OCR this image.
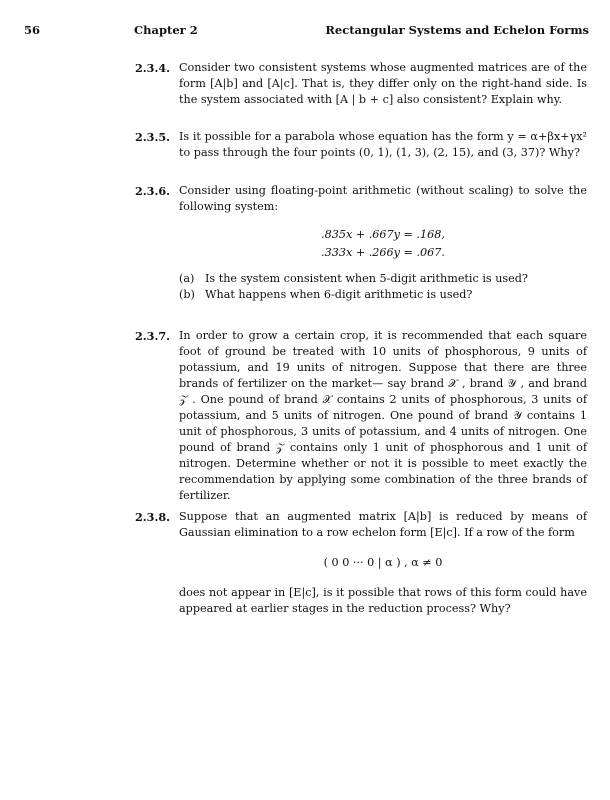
56	Chapter 2	Rectangular Systems and Echelon Forms
2.3.4. Consider two consistent systems whose augmented matrices are of the form [A|b] and [A|c]. That is, they differ only on the right-hand side. Is the system associated with [A | b + c] also consistent? Explain why.

2.3.5. Is it possible for a parabola whose equation has the form y = α+βx+γx² to pass through the four points (0, 1), (1, 3), (2, 15), and (3, 37)? Why?

2.3.6. Consider using floating-point arithmetic (without scaling) to solve the following system:

.835x + .667y = .168,
.333x + .266y = .067.
(a) Is the system consistent when 5-digit arithmetic is used?
(b) What happens when 6-digit arithmetic is used?
2.3.7. In order to grow a certain crop, it is recommended that each square foot of ground be treated with 10 units of phosphorous, 9 units of potassium, and 19 units of nitrogen. Suppose that there are three brands of fertilizer on the market— say brand 𝒳 , brand 𝒴 , and brand 𝒵 . One pound of brand 𝒳 contains 2 units of phosphorous, 3 units of potassium, and 5 units of nitrogen. One pound of brand 𝒴 contains 1 unit of phosphorous, 3 units of potassium, and 4 units of nitrogen. One pound of brand 𝒵 contains only 1 unit of phosphorous and 1 unit of nitrogen. Determine whether or not it is possible to meet exactly the recommendation by applying some combination of the three brands of fertilizer.

2.3.8. Suppose that an augmented matrix [A|b] is reduced by means of Gaussian elimination to a row echelon form [E|c]. If a row of the form

( 0 0 ··· 0 | α ) , α ≠ 0

does not appear in [E|c], is it possible that rows of this form could have appeared at earlier stages in the reduction process? Why?
